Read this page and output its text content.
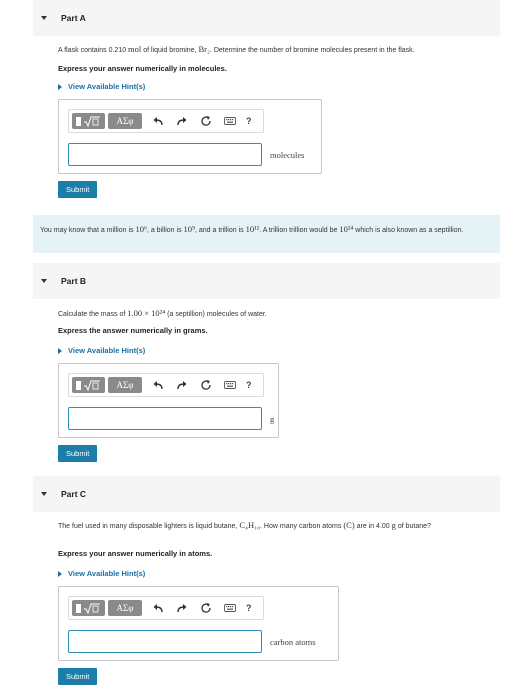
Part A
A flask contains 0.210 mol of liquid bromine, Br₂. Determine the number of bromine molecules present in the flask.
Express your answer numerically in molecules.
View Available Hint(s)
ΑΣφ	?
molecules
Submit
You may know that a million is 10⁶, a billion is 10⁹, and a trillion is 10¹². A trillion trillion would be 10²⁴ which is also known as a septillion.
Part B
Calculate the mass of 1.00 × 10²⁴ (a septillion) molecules of water.
Express the answer numerically in grams.
View Available Hint(s)
ΑΣφ	?
g
Submit
Part C
The fuel used in many disposable lighters is liquid butane, C₄H₁₀. How many carbon atoms (C) are in 4.00 g of butane?
Express your answer numerically in atoms.
View Available Hint(s)
ΑΣφ	?
carbon atoms
Submit
